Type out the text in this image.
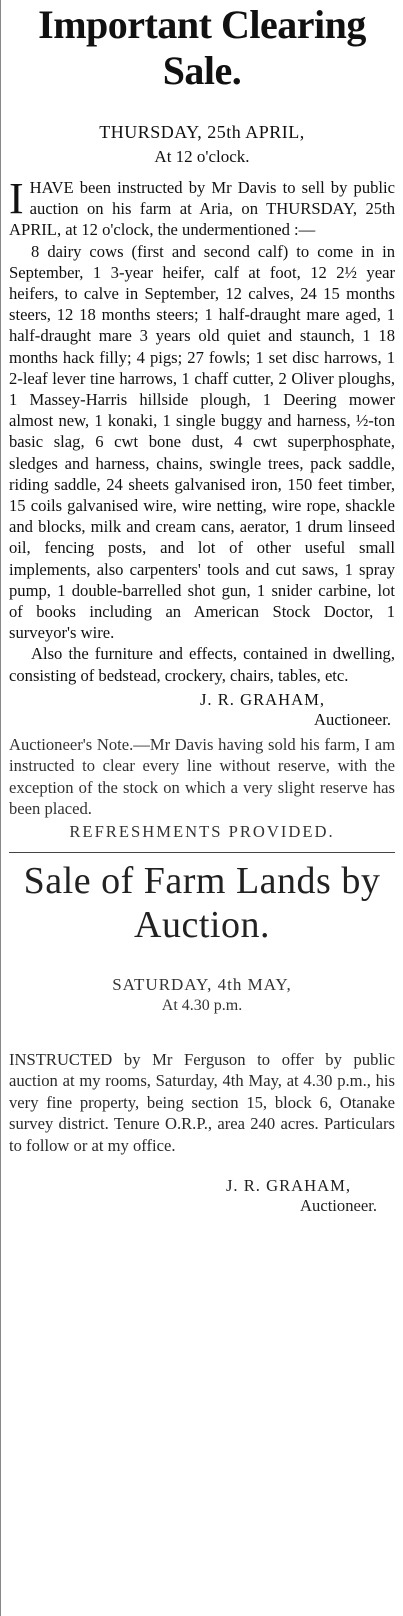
Important Clearing
Sale.
THURSDAY, 25th APRIL,
At 12 o'clock.

IHAVE been instructed by Mr Davis to sell by public auction on his farm at Aria, on THURSDAY, 25th APRIL, at 12 o'clock, the undermentioned :—

8 dairy cows (first and second calf) to come in in September, 1 3-year heifer, calf at foot, 12 2½ year heifers, to calve in September, 12 calves, 24 15 months steers, 12 18 months steers; 1 half-draught mare aged, 1 half-draught mare 3 years old quiet and staunch, 1 18 months hack filly; 4 pigs; 27 fowls; 1 set disc harrows, 1 2-leaf lever tine harrows, 1 chaff cutter, 2 Oliver ploughs, 1 Massey-Harris hillside plough, 1 Deering mower almost new, 1 konaki, 1 single buggy and harness, ½-ton basic slag, 6 cwt bone dust, 4 cwt superphosphate, sledges and harness, chains, swingle trees, pack saddle, riding saddle, 24 sheets galvanised iron, 150 feet timber, 15 coils galvanised wire, wire netting, wire rope, shackle and blocks, milk and cream cans, aerator, 1 drum linseed oil, fencing posts, and lot of other useful small implements, also carpenters' tools and cut saws, 1 spray pump, 1 double-barrelled shot gun, 1 snider carbine, lot of books including an American Stock Doctor, 1 surveyor's wire.

Also the furniture and effects, contained in dwelling, consisting of bedstead, crockery, chairs, tables, etc.

J. R. GRAHAM,
Auctioneer.
Auctioneer's Note.—Mr Davis having sold his farm, I am instructed to clear every line without reserve, with the exception of the stock on which a very slight reserve has been placed.
REFRESHMENTS PROVIDED.
Sale of Farm Lands by
Auction.
SATURDAY, 4th MAY,
At 4.30 p.m.
INSTRUCTED by Mr Ferguson to offer by public auction at my rooms, Saturday, 4th May, at 4.30 p.m., his very fine property, being section 15, block 6, Otanake survey district. Tenure O.R.P., area 240 acres. Particulars to follow or at my office.
J. R. GRAHAM,
Auctioneer.
